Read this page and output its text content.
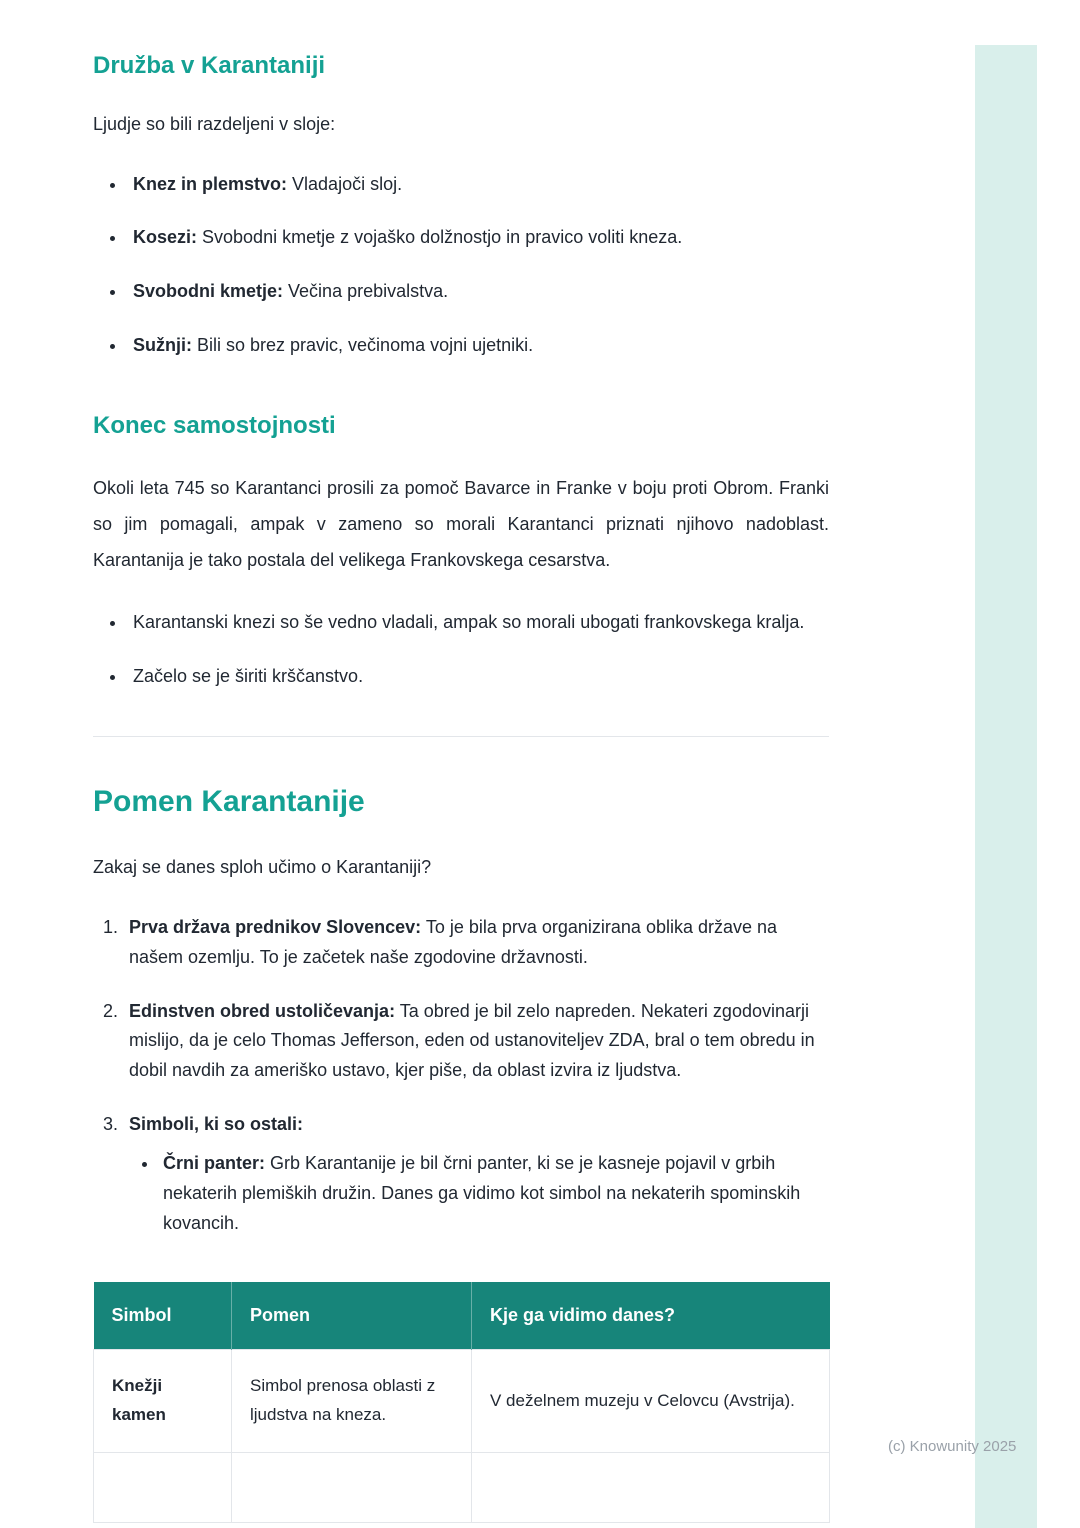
(c) Knowunity 2025
Družba v Karantaniji

Ljudje so bili razdeljeni v sloje:

• Knez in plemstvo: Vladajoči sloj.
• Kosezi: Svobodni kmetje z vojaško dolžnostjo in pravico voliti kneza.
• Svobodni kmetje: Večina prebivalstva.
• Sužnji: Bili so brez pravic, večinoma vojni ujetniki.
Konec samostojnosti

Okoli leta 745 so Karantanci prosili za pomoč Bavarce in Franke v boju proti Obrom. Franki so jim pomagali, ampak v zameno so morali Karantanci priznati njihovo nadoblast. Karantanija je tako postala del velikega Frankovskega cesarstva.

• Karantanski knezi so še vedno vladali, ampak so morali ubogati frankovskega kralja.
• Začelo se je širiti krščanstvo.
Pomen Karantanije

Zakaj se danes sploh učimo o Karantaniji?

1. Prva država prednikov Slovencev: To je bila prva organizirana oblika države na našem ozemlju. To je začetek naše zgodovine državnosti.
2. Edinstven obred ustoličevanja: Ta obred je bil zelo napreden. Nekateri zgodovinarji mislijo, da je celo Thomas Jefferson, eden od ustanoviteljev ZDA, bral o tem obredu in dobil navdih za ameriško ustavo, kjer piše, da oblast izvira iz ljudstva.
3. Simboli, ki so ostali:
• Črni panter: Grb Karantanije je bil črni panter, ki se je kasneje pojavil v grbih nekaterih plemiških družin. Danes ga vidimo kot simbol na nekaterih spominskih kovancih.
Simbol	Pomen	Kje ga vidimo danes?
Knežji kamen	Simbol prenosa oblasti z ljudstva na kneza.	V deželnem muzeju v Celovcu (Avstrija).
